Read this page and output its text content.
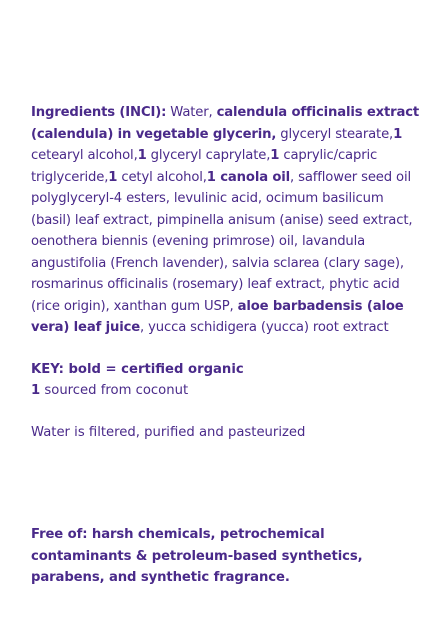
Ingredients (INCI): Water, calendula officinalis extract (calendula) in vegetable glycerin, glyceryl stearate,1 cetearyl alcohol,1 glyceryl caprylate,1 caprylic/capric triglyceride,1 cetyl alcohol,1 canola oil, safflower seed oil polyglyceryl-4 esters, levulinic acid, ocimum basilicum (basil) leaf extract, pimpinella anisum (anise) seed extract, oenothera biennis (evening primrose) oil, lavandula angustifolia (French lavender), salvia sclarea (clary sage), rosmarinus officinalis (rosemary) leaf extract, phytic acid (rice origin), xanthan gum USP, aloe barbadensis (aloe vera) leaf juice, yucca schidigera (yucca) root extract

KEY: bold = certified organic

1 sourced from coconut

Water is filtered, purified and pasteurized

Free of: harsh chemicals, petrochemical contaminants & petroleum-based synthetics, parabens, and synthetic fragrance.
